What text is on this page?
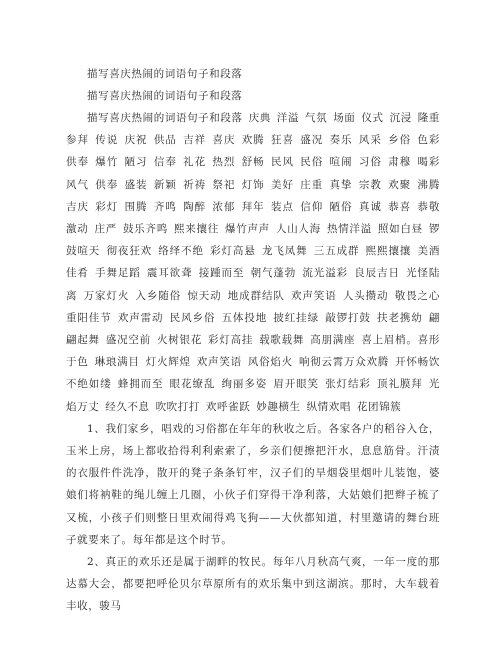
描写喜庆热闹的词语句子和段落
描写喜庆热闹的词语句子和段落

描写喜庆热闹的词语句子和段落 庆典 洋溢 气氛 场面 仪式 沉浸 隆重 参拜 传说 庆祝 供品 吉祥 喜庆 欢腾 狂喜 盛况 奏乐 风采 乡俗 色彩 供奉 爆竹 陋习 信奉 礼花 热烈 舒畅 民风 民俗 喧闹 习俗 肃穆 喝彩 风气 供奉 盛装 新颖 祈祷 祭祀 灯饰 美好 庄重 真挚 宗教 欢聚 沸腾 吉庆 彩灯 围腾 齐鸣 陶醉 浓郁 拜年 装点 信仰 陋俗 真诚 恭喜 恭敬 激动 庄严 鼓乐齐鸣 熙来攘往 爆竹声声 人山人海 热情洋溢 照如白昼 锣鼓喧天 彻夜狂欢 络绎不绝 彩灯高悬 龙飞凤舞 三五成群 熙熙攘攘 美酒佳肴 手舞足蹈 震耳欲聋 接踵而至 朝气蓬勃 流光溢彩 良辰吉日 光怪陆离 万家灯火 入乡随俗 惊天动 地成群结队 欢声笑语 人头攒动 敬畏之心 重阳佳节 欢声雷动 民风乡俗 五体投地 披红挂绿 敲锣打鼓 扶老携幼 翩翩起舞 盛况空前 火树银花 彩灯高挂 载歌载舞 高朋满座 喜上眉梢。喜形于色 琳琅满目 灯火辉煌 欢声笑语 风俗焰火 响彻云霄万众欢腾 开怀畅饮 不绝如缕 蜂拥而至 眼花缭乱 绚丽多姿 眉开眼笑 张灯结彩 顶礼膜拜 光焰万丈 经久不息 吹吹打打 欢呼雀跃 妙趣横生 纵情欢唱 花团锦簇

1、我们家乡，唱戏的习俗都在年年的秋收之后。各家各户的稻谷入仓，玉米上房，场上都收拾得利利索索了，乡亲们便擦把汗水，息息筋骨。汗渍的衣服件件洗净，散开的凳子条条钉牢，汉子们的旱烟袋里烟叶儿装饱，婆娘们将衲鞋的绳儿缠上几圈，小伙子们穿得干净利落，大姑娘们把辫子梳了又梳，小孩子们则整日里欢闹得鸡飞狗——大伙都知道，村里邀请的舞台班子就要来了。每年都是这个时节。

2、真正的欢乐还是属于湖畔的牧民。每年八月秋高气爽，一年一度的那达慕大会，都要把呼伦贝尔草原所有的欢乐集中到这湖滨。那时，大车载着丰收，骏马
